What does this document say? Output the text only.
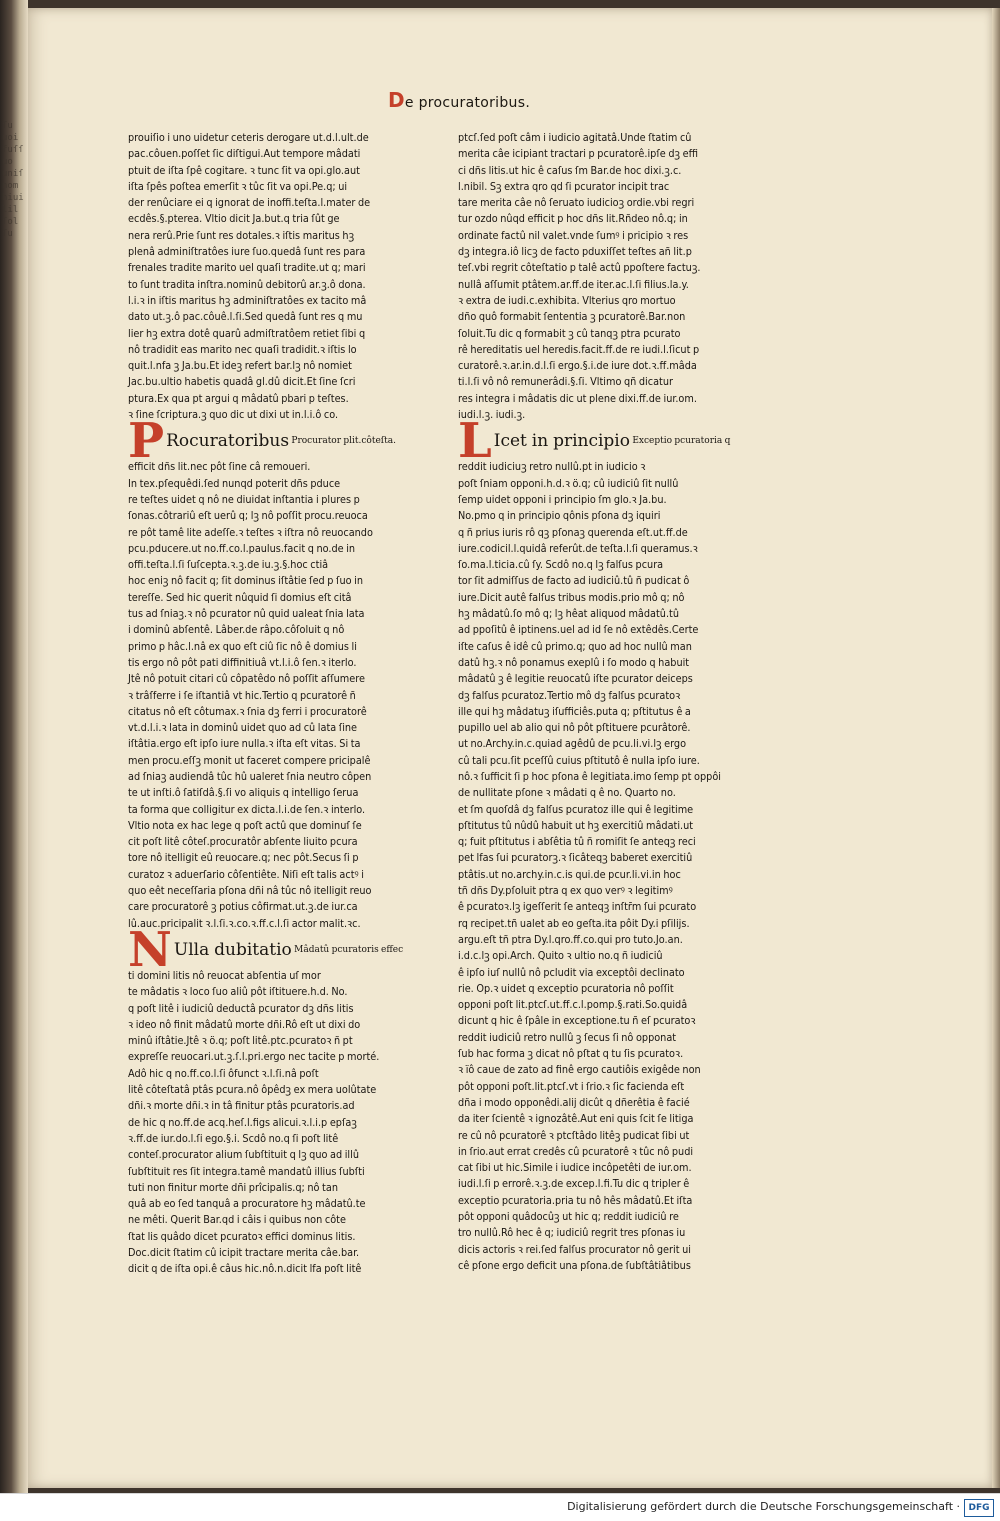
ſu uoi fuſſ uo uniſ nom hiui lil ſol ſu
De procuratoribus.
prouiſio i uno uidetur ceteris derogare ut.d.l.ult.de
pac.côuen.poſſet ſic diſtigui.Aut tempore mâdati
ptuit de iſta ſpê cogitare. ꝛ tunc ſit va opi.glo.aut
iſta ſpês poſtea emerſit ꝛ tûc ſit va opi.Pe.q; ui
der renûciare ei q ignorat de inoffi.teſta.l.mater de
ecdês.§.pterea. Vltio dicit Ja.but.q tria ſût ge
nera rerû.Prie ſunt res dotales.ꝛ iſtis maritus hꝫ
plenâ adminiſtratôes iure ſuo.quedâ ſunt res para
frenales tradite marito uel quaſi tradite.ut q; mari
to ſunt tradita inſtra.nominû debitorû ar.ꝫ.ô dona.
l.i.ꝛ in iſtis maritus hꝫ adminiſtratôes ex tacito mâ
dato ut.ꝫ.ô pac.côuê.l.ſi.Sed quedâ ſunt res q mu
lier hꝫ extra dotê quarû admiſtratôem retiet ſibi q
nô tradidit eas marito nec quaſi tradidit.ꝛ iſtis lo
quit.l.nfa ꝫ Ja.bu.Et ideꝫ refert bar.lꝫ nô nomiet
Jac.bu.ultio habetis quadâ gl.dû dicit.Et ſine ſcri
ptura.Ex qua pt argui q mâdatû pbari p teſtes.
ꝛ ſine ſcriptura.ꝫ quo dic ut dixi ut in.l.i.ô co.
P Rocuratoribus $^{Procurator plit.côteſta.}$
efficit dñs lit.nec pôt ſine câ remoueri.
In tex.pſequêdi.ſed nunqd poterit dñs pduce
re teſtes uidet q nô ne diuidat inſtantia i plures p
ſonas.côtrariû eſt uerû q; lꝫ nô poſſit procu.reuoca
re pôt tamê lite adeſſe.ꝛ teſtes ꝛ iſtra nô reuocando
pcu.pducere.ut no.ff.co.l.paulus.facit q no.de in
offi.teſta.l.ſi ſuſcepta.ꝛ.ꝫ.de iu.ꝫ.§.hoc ctiâ
hoc eniꝫ nô facit q; ſit dominus iſtâtie ſed p ſuo in
tereſſe. Sed hic querit nûquid ſi domius eſt citâ
tus ad ſniaꝫ.ꝛ nô pcurator nû quid ualeat ſnia lata
i dominû abſentê. Lâber.de râpo.côſoluit q nô
primo p hâc.l.nâ ex quo eſt ciû ſic nô ê domius li
tis ergo nô pôt pati diffinitiuâ vt.l.i.ô ſen.ꝛ iterlo.
Jtê nô potuit citari cû côpatêdo nô poſſit aſſumere
ꝛ trâſferre i ſe iſtantiâ vt hic.Tertio q pcuratorê ñ
citatus nô eſt côtumax.ꝛ ſnia dꝫ ferri i procuratorê
vt.d.l.i.ꝛ lata in dominû uidet quo ad cû lata ſine
iſtâtia.ergo eſt ipſo iure nulla.ꝛ iſta eſt vitas. Si ta
men procu.eſſꝫ monit ut faceret compere pricipalê
ad ſniaꝫ audiendâ tûc hû ualeret ſnia neutro côpen
te ut inſti.ô ſatiſdâ.§.ſi vo aliquis q intelligo ſerua
ta forma que colligitur ex dicta.l.i.de ſen.ꝛ interlo.
Vltio nota ex hac lege q poſt actû que dominuſ ſe
cit poſt litê côteſ.procuratôr abſente liuito pcura
tore nô itelligit eû reuocare.q; nec pôt.Secus ſi p
curatoz ꝛ aduerſario côſentiête. Niſi eſt talis actꝰ i
quo eêt neceſſaria pſona dñi nâ tûc nô itelligit reuo
care procuratorê ꝫ potius côfirmat.ut.ꝫ.de iur.ca
lû.auc.pricipalit ꝛ.l.ſi.ꝛ.co.ꝛ.ff.c.l.ſi actor malit.ꝛc.
N Ulla dubitatio $^{Mâdatû pcuratoris effec}$
ti domini litis nô reuocat abſentia uſ mor
te mâdatis ꝛ loco ſuo aliû pôt iſtituere.h.d. No.
q poſt litê i iudiciû deductâ pcurator dꝫ dñs litis
ꝛ ideo nô finit mâdatû morte dñi.Rô eſt ut dixi do
minû iſtâtie.Jtê ꝛ ö.q; poſt litê.ptc.pcuratoꝛ ñ pt
expreſſe reuocari.ut.ꝫ.ſ.l.pri.ergo nec tacite p morté.
Adô hic q no.ff.co.l.ſi ôfunct ꝛ.l.ſi.nâ poſt
litê côteſtatâ ptâs pcura.nô ôpêdꝫ ex mera uolûtate
dñi.ꝛ morte dñi.ꝛ in tâ finitur ptâs pcuratoris.ad
de hic q no.ff.de acq.heſ.l.figs alicui.ꝛ.l.i.p epſaꝫ
ꝛ.ff.de iur.do.l.ſi ego.§.i. Scdô no.q ſi poſt litê
conteſ.procurator alium ſubſtituit q lꝫ quo ad illû
ſubſtituit res ſit integra.tamê mandatû illius ſubſti
tuti non finitur morte dñi prîcipalis.q; nô tan
quâ ab eo ſed tanquâ a procuratore hꝫ mâdatû.te
ne mêti. Querit Bar.qd i câis i quibus non côte
ſtat lis quâdo dicet pcuratoꝛ effici dominus litis.
Doc.dicit ſtatim cû icipit tractare merita câe.bar.
dicit q de iſta opi.ê câus hic.nô.n.dicit lfa poſt litê
ptcſ.ſed poſt câm i iudicio agitatâ.Unde ſtatim cû
merita câe icipiant tractari p pcuratorê.ipſe dꝫ effi
ci dñs litis.ut hic ê caſus ſm Bar.de hoc dixi.ꝫ.c.
l.nibil. Sꝫ extra qro qd ſi pcurator incipit trac
tare merita câe nô ſeruato iudicioꝫ ordie.vbi regri
tur ozdo nûqd efficit p hoc dñs lit.Rñdeo nô.q; in
ordinate factû nil valet.vnde ſumꝰ i pricipio ꝛ res
dꝫ integra.iô licꝫ de facto pduxiſſet teſtes añ lit.p
teſ.vbi regrit côteſtatio p talê actû ppoſtere factuꝫ.
nullâ aſſumit ptâtem.ar.ff.de iter.ac.l.ſi filius.la.y.
ꝛ extra de iudi.c.exhibita. Vlterius qro mortuo
dño quô formabit ſententia ꝫ pcuratorê.Bar.non
ſoluit.Tu dic q formabit ꝫ cû tanqꝫ ptra pcurato
rê hereditatis uel heredis.facit.ff.de re iudi.l.ſicut p
curatorê.ꝛ.ar.in.d.l.ſi ergo.§.i.de iure dot.ꝛ.ff.mâda
ti.l.ſi vô nô remunerâdi.§.ſi. Vltimo qñ dicatur
res integra i mâdatis dic ut plene dixi.ff.de iur.om.
iudi.l.ꝫ. iudi.ꝫ.
L Icet in principio $^{Exceptio pcuratoria q}$
reddit iudiciuꝫ retro nullû.pt in iudicio ꝛ
poſt ſniam opponi.h.d.ꝛ ö.q; cû iudiciû ſit nullû
ſemp uidet opponi i principio ſm glo.ꝛ Ja.bu.
No.pmo q in principio qônis pſona dꝫ iquiri
q ñ prius iuris rô qꝫ pſonaꝫ querenda eſt.ut.ff.de
iure.codicil.l.quidâ referût.de teſta.l.ſi queramus.ꝛ
ſo.ma.l.ticia.cû ſy. Scdô no.q lꝫ falſus pcura
tor ſit admiſſus de facto ad iudiciû.tû ñ pudicat ô
iure.Dicit autê falſus tribus modis.prio mô q; nô
hꝫ mâdatû.ſo mô q; lꝫ hêat aliquod mâdatû.tû
ad ppoſitû ê iptinens.uel ad id ſe nô extêdês.Certe
iſte caſus ê idê cû primo.q; quo ad hoc nullû man
datû hꝫ.ꝛ nô ponamus exeplû i ſo modo q habuit
mâdatû ꝫ ê legitie reuocatû iſte pcurator deiceps
dꝫ falſus pcuratoz.Tertio mô dꝫ falſus pcuratoꝛ
ille qui hꝫ mâdatuꝫ iſufficiês.puta q; pſtitutus ê a
pupillo uel ab alio qui nô pôt pſtituere pcurâtorê.
ut no.Archy.in.c.quiad agêdû de pcu.li.vi.lꝫ ergo
cû tali pcu.ſit pceſſû cuius pſtitutô ê nulla ipſo iure.
nô.ꝛ ſufficit ſi p hoc pſona ê legitiata.imo ſemp pt oppôi
de nullitate pſone ꝛ mâdati q ê no. Quarto no.
et ſm quoſdâ dꝫ falſus pcuratoz ille qui ê legitime
pſtitutus tû nûdû habuit ut hꝫ exercitiû mâdati.ut
q; fuit pſtitutus i abſêtia tû ñ romiſit ſe anteqꝫ reci
pet lfas ſui pcuratorꝫ.ꝛ ſicâteqꝫ baberet exercitiû
ptâtis.ut no.archy.in.c.is qui.de pcur.li.vi.in hoc
tñ dñs Dy.pſoluit ptra q ex quo verꝰ ꝛ legitimꝰ
ê pcuratoꝛ.lꝫ igeſſerit ſe anteqꝫ inſtr̄m ſui pcurato
rq recipet.tñ ualet ab eo geſta.ita pôit Dy.i pſilijs.
argu.eſt tñ ptra Dy.l.qro.ff.co.qui pro tuto.Jo.an.
i.d.c.lꝫ opi.Arch. Quito ꝛ ultio no.q ñ iudiciû
ê ipſo iuſ nullû nô pcludit via exceptôi declinato
rie. Op.ꝛ uidet q exceptio pcuratoria nô poſſit
opponi poſt lit.ptcſ.ut.ff.c.l.pomp.§.rati.So.quidâ
dicunt q hic ê ſpâle in exceptione.tu ñ eſ pcuratoꝛ
reddit iudiciû retro nullû ꝫ ſecus ſi nô opponat
ſub hac forma ꝫ dicat nô pſtat q tu ſis pcuratoꝛ.
ꝛ ïô caue de zato ad finê ergo cautiôis exigêde non
pôt opponi poſt.lit.ptcſ.vt i ſrio.ꝛ ſic facienda eſt
dña i modo opponêdi.alij dicût q dñerêtia ê facié
da iter ſcientê ꝛ ignozâtê.Aut eni quis ſcit ſe litiga
re cû nô pcuratorê ꝛ ptcſtâdo litêꝫ pudicat ſibi ut
in ſrio.aut errat credês cû pcuratorê ꝛ tûc nô pudi
cat ſibi ut hic.Simile i iudice incôpetêti de iur.om.
iudi.l.ſi p errorê.ꝛ.ꝫ.de excep.l.fi.Tu dic q tripler ê
exceptio pcuratoria.pria tu nô hês mâdatû.Et iſta
pôt opponi quâdocûꝫ ut hic q; reddit iudiciû re
tro nullû.Rô hec ê q; iudiciû regrit tres pſonas iu
dicis actoris ꝛ rei.ſed falſus procurator nô gerit ui
cê pſone ergo deficit una pſona.de ſubſtâtiâtibus
Digitalisierung gefördert durch die Deutsche Forschungsgemeinschaft · DFG
